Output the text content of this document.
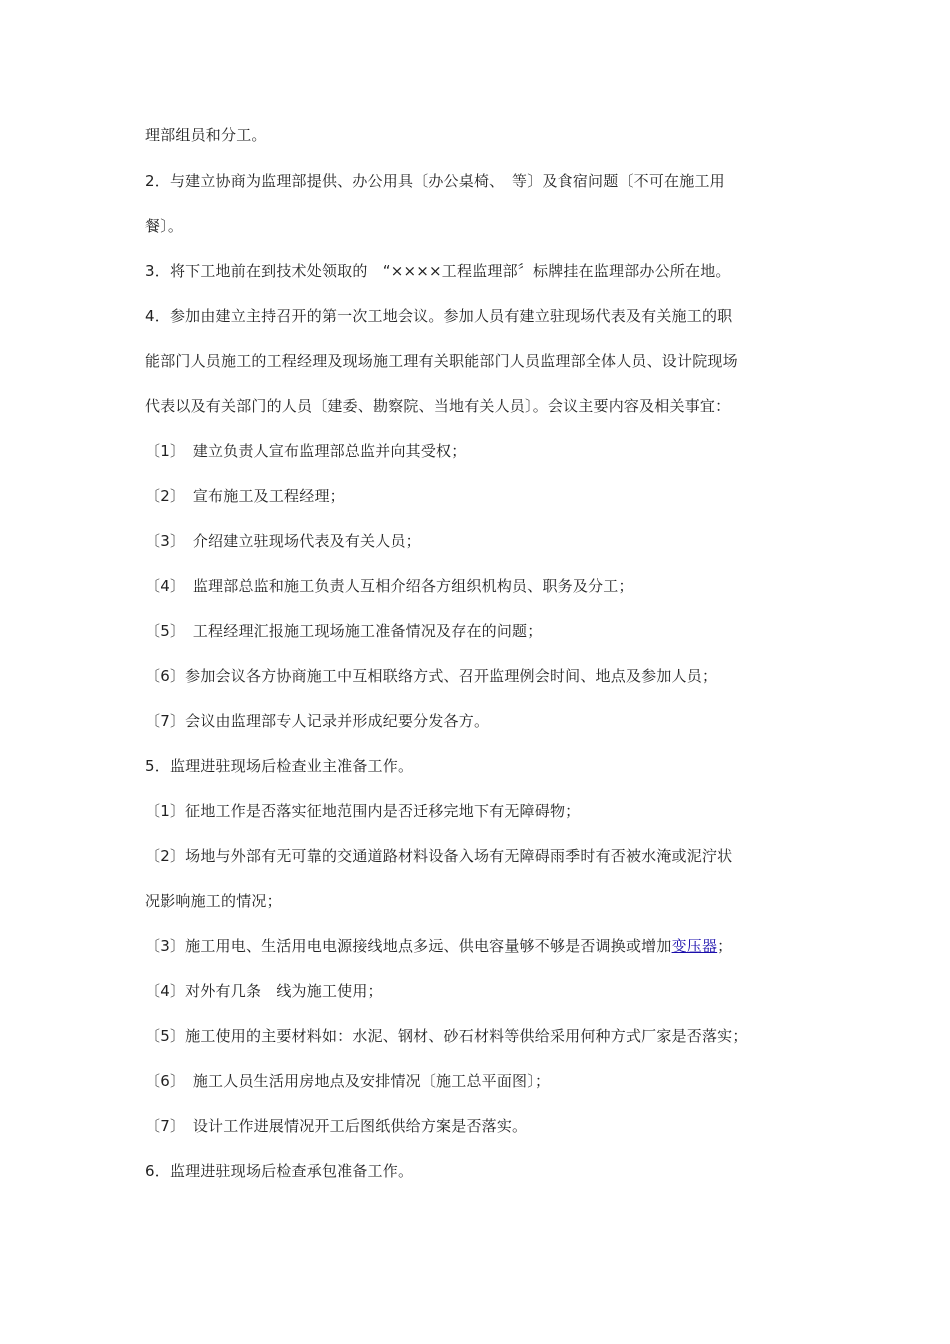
理部组员和分工。
2．与建立协商为监理部提供、办公用具〔办公桌椅、　等〕及食宿问题〔不可在施工用
餐〕。
3．将下工地前在到技术处领取的　“××××工程监理部〞标牌挂在监理部办公所在地。
4．参加由建立主持召开的第一次工地会议。参加人员有建立驻现场代表及有关施工的职
能部门人员施工的工程经理及现场施工理有关职能部门人员监理部全体人员、设计院现场
代表以及有关部门的人员〔建委、勘察院、当地有关人员〕。会议主要内容及相关事宜：
〔1〕　建立负责人宣布监理部总监并向其受权；
〔2〕　宣布施工及工程经理；
〔3〕　介绍建立驻现场代表及有关人员；
〔4〕　监理部总监和施工负责人互相介绍各方组织机构员、职务及分工；
〔5〕　工程经理汇报施工现场施工准备情况及存在的问题；
〔6〕参加会议各方协商施工中互相联络方式、召开监理例会时间、地点及参加人员；
〔7〕会议由监理部专人记录并形成纪要分发各方。
5．监理进驻现场后检查业主准备工作。
〔1〕征地工作是否落实征地范围内是否迁移完地下有无障碍物；
〔2〕场地与外部有无可靠的交通道路材料设备入场有无障碍雨季时有否被水淹或泥泞状
况影响施工的情况；
〔3〕施工用电、生活用电电源接线地点多远、供电容量够不够是否调换或增加变压器；
〔4〕对外有几条　线为施工使用；
〔5〕施工使用的主要材料如：水泥、钢材、砂石材料等供给采用何种方式厂家是否落实；
〔6〕　施工人员生活用房地点及安排情况〔施工总平面图〕；
〔7〕　设计工作进展情况开工后图纸供给方案是否落实。
6．监理进驻现场后检查承包准备工作。
